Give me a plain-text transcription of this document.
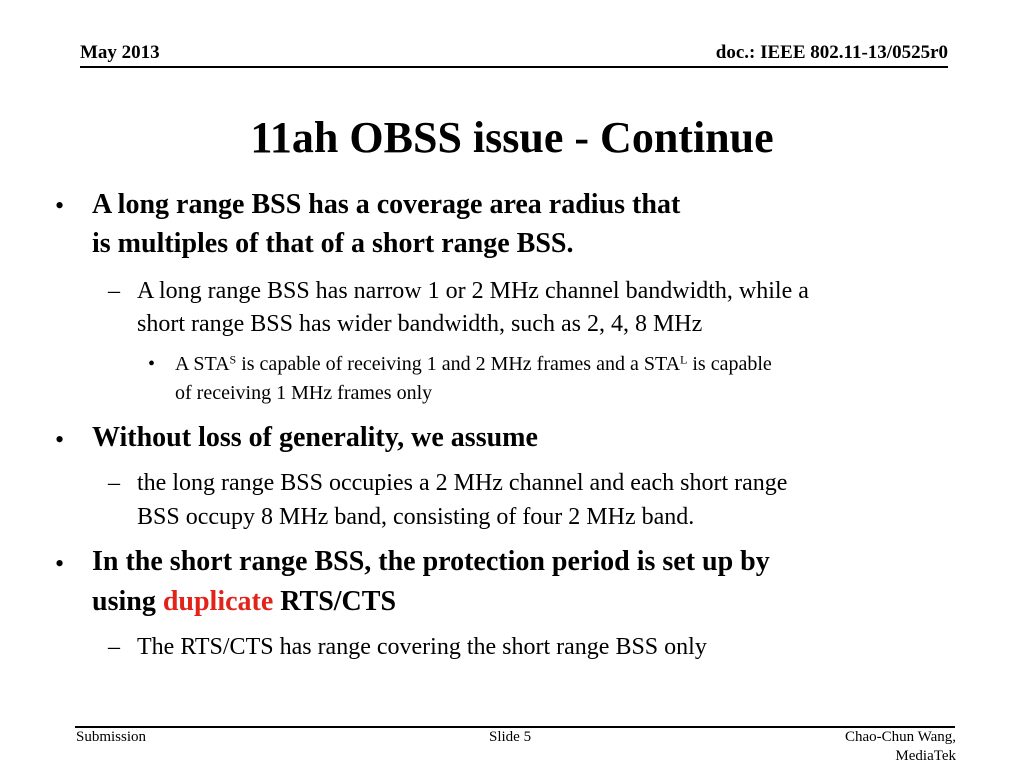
May 2013	doc.: IEEE 802.11-13/0525r0
11ah OBSS issue - Continue
• A long range BSS has a coverage area radius that
is multiples of that of a short range BSS.
– A long range BSS has narrow 1 or 2 MHz channel bandwidth, while a
short range BSS has wider bandwidth, such as 2, 4, 8 MHz
• A $STA^S$ is capable of receiving 1 and 2 MHz frames and a $STA^L$ is capable
of receiving 1 MHz frames only
• Without loss of generality, we assume
– the long range BSS occupies a 2 MHz channel and each short range
BSS occupy 8 MHz band, consisting of four 2 MHz band.
• In the short range BSS, the protection period is set up by
using duplicate RTS/CTS
– The RTS/CTS has range covering the short range BSS only
Submission	Slide 5	Chao-Chun Wang,
MediaTek
